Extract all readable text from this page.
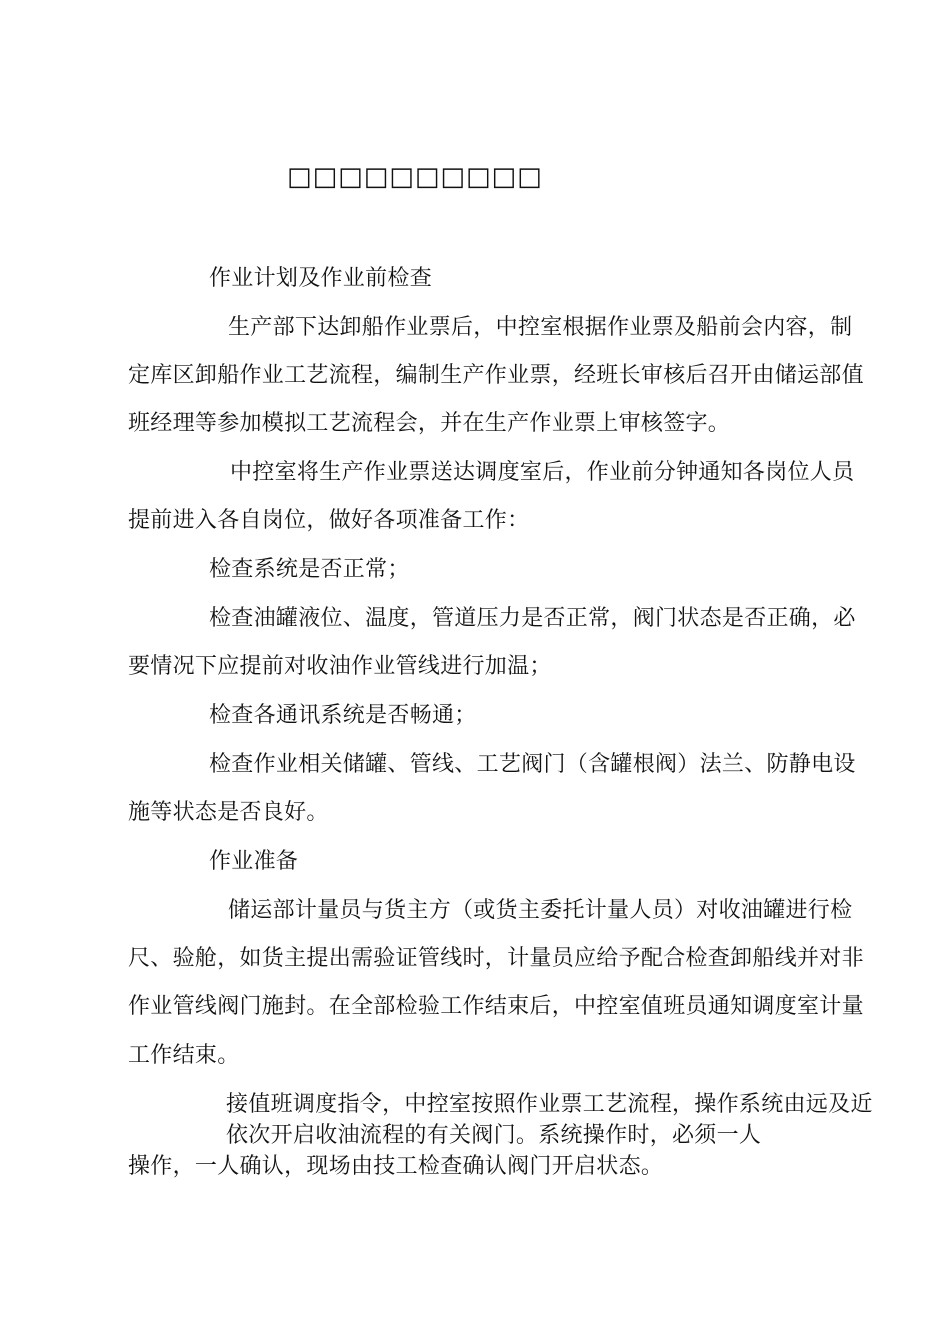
□□□□□□□□□□
作业计划及作业前检查
生产部下达卸船作业票后，中控室根据作业票及船前会内容，制
定库区卸船作业工艺流程，编制生产作业票，经班长审核后召开由储运部值
班经理等参加模拟工艺流程会，并在生产作业票上审核签字。
中控室将生产作业票送达调度室后，作业前分钟通知各岗位人员
提前进入各自岗位，做好各项准备工作：
检查系统是否正常；
检查油罐液位、温度，管道压力是否正常，阀门状态是否正确，必
要情况下应提前对收油作业管线进行加温；
检查各通讯系统是否畅通；
检查作业相关储罐、管线、工艺阀门（含罐根阀）法兰、防静电设
施等状态是否良好。
作业准备
储运部计量员与货主方（或货主委托计量人员）对收油罐进行检
尺、验舱，如货主提出需验证管线时，计量员应给予配合检查卸船线并对非
作业管线阀门施封。在全部检验工作结束后，中控室值班员通知调度室计量
工作结束。
接值班调度指令，中控室按照作业票工艺流程，操作系统由远及近
依次开启收油流程的有关阀门。系统操作时，必须一人
操作，一人确认，现场由技工检查确认阀门开启状态。
